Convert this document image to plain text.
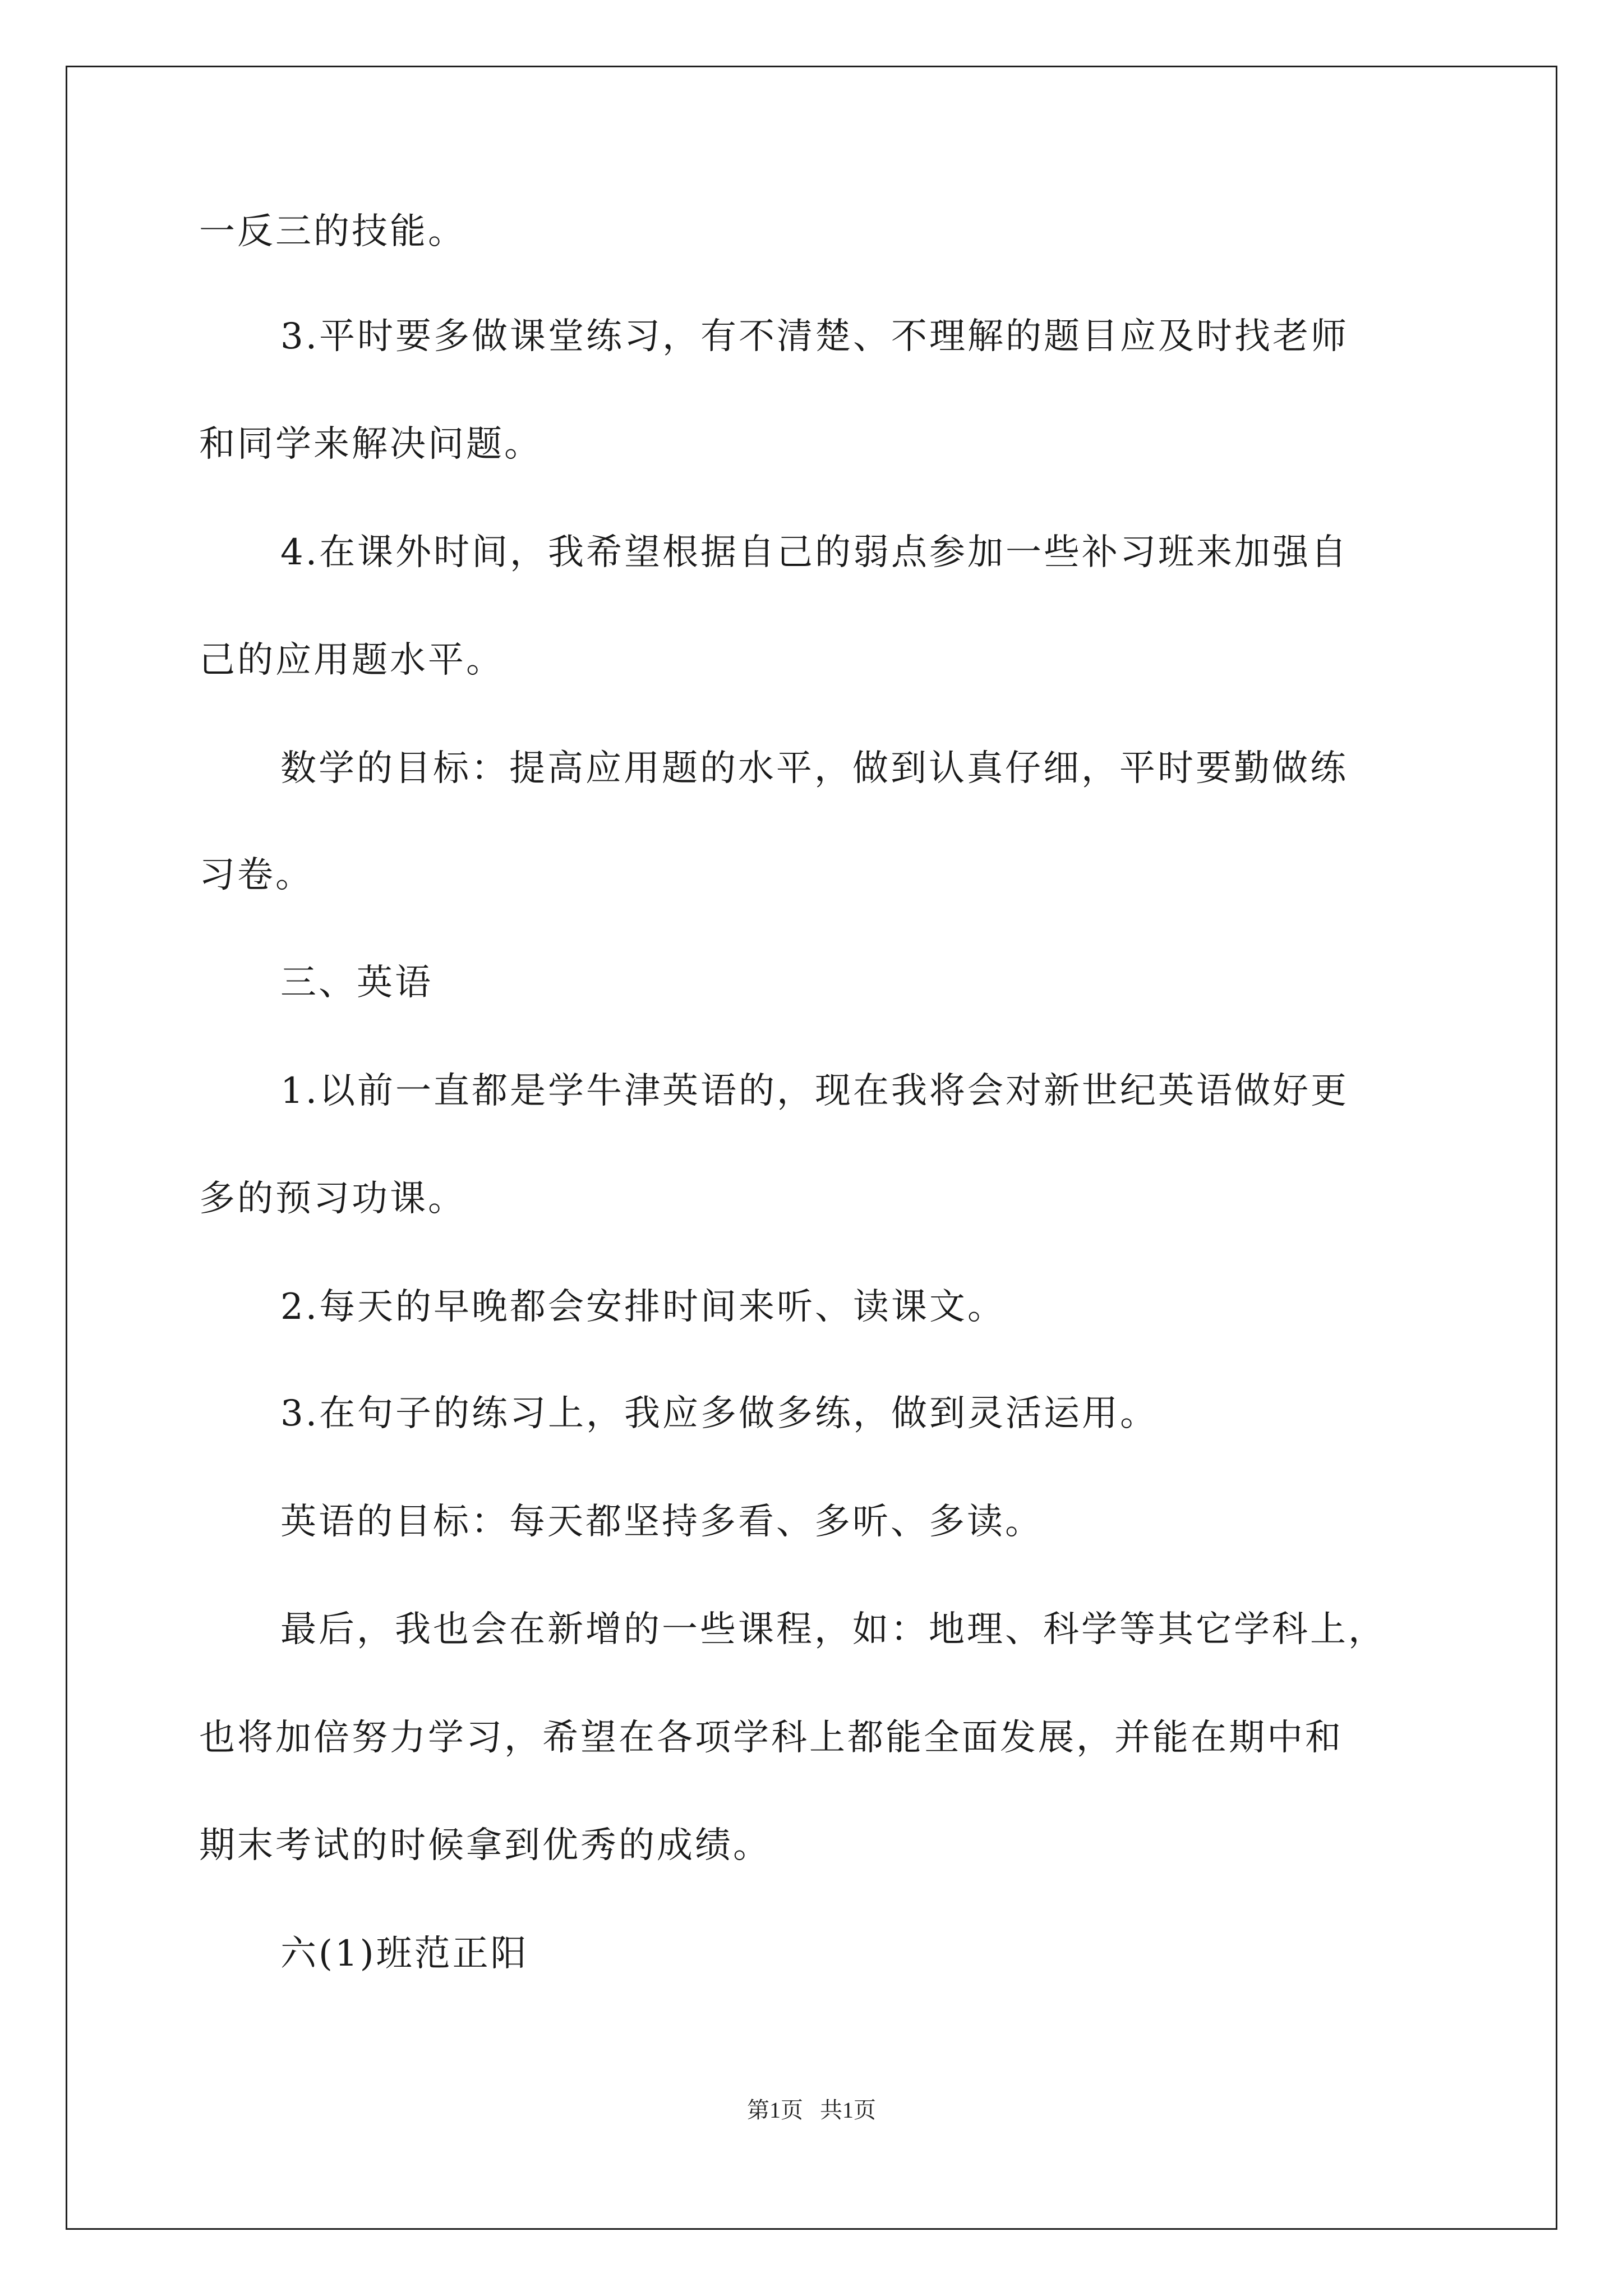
一反三的技能。
3.平时要多做课堂练习，有不清楚、不理解的题目应及时找老师
和同学来解决问题。
4.在课外时间，我希望根据自己的弱点参加一些补习班来加强自
己的应用题水平。
数学的目标：提高应用题的水平，做到认真仔细，平时要勤做练
习卷。
三、英语
1.以前一直都是学牛津英语的，现在我将会对新世纪英语做好更
多的预习功课。
2.每天的早晚都会安排时间来听、读课文。
3.在句子的练习上，我应多做多练，做到灵活运用。
英语的目标：每天都坚持多看、多听、多读。
最后，我也会在新增的一些课程，如：地理、科学等其它学科上，
也将加倍努力学习，希望在各项学科上都能全面发展，并能在期中和
期末考试的时候拿到优秀的成绩。
六(1)班范正阳
第1页 共1页
